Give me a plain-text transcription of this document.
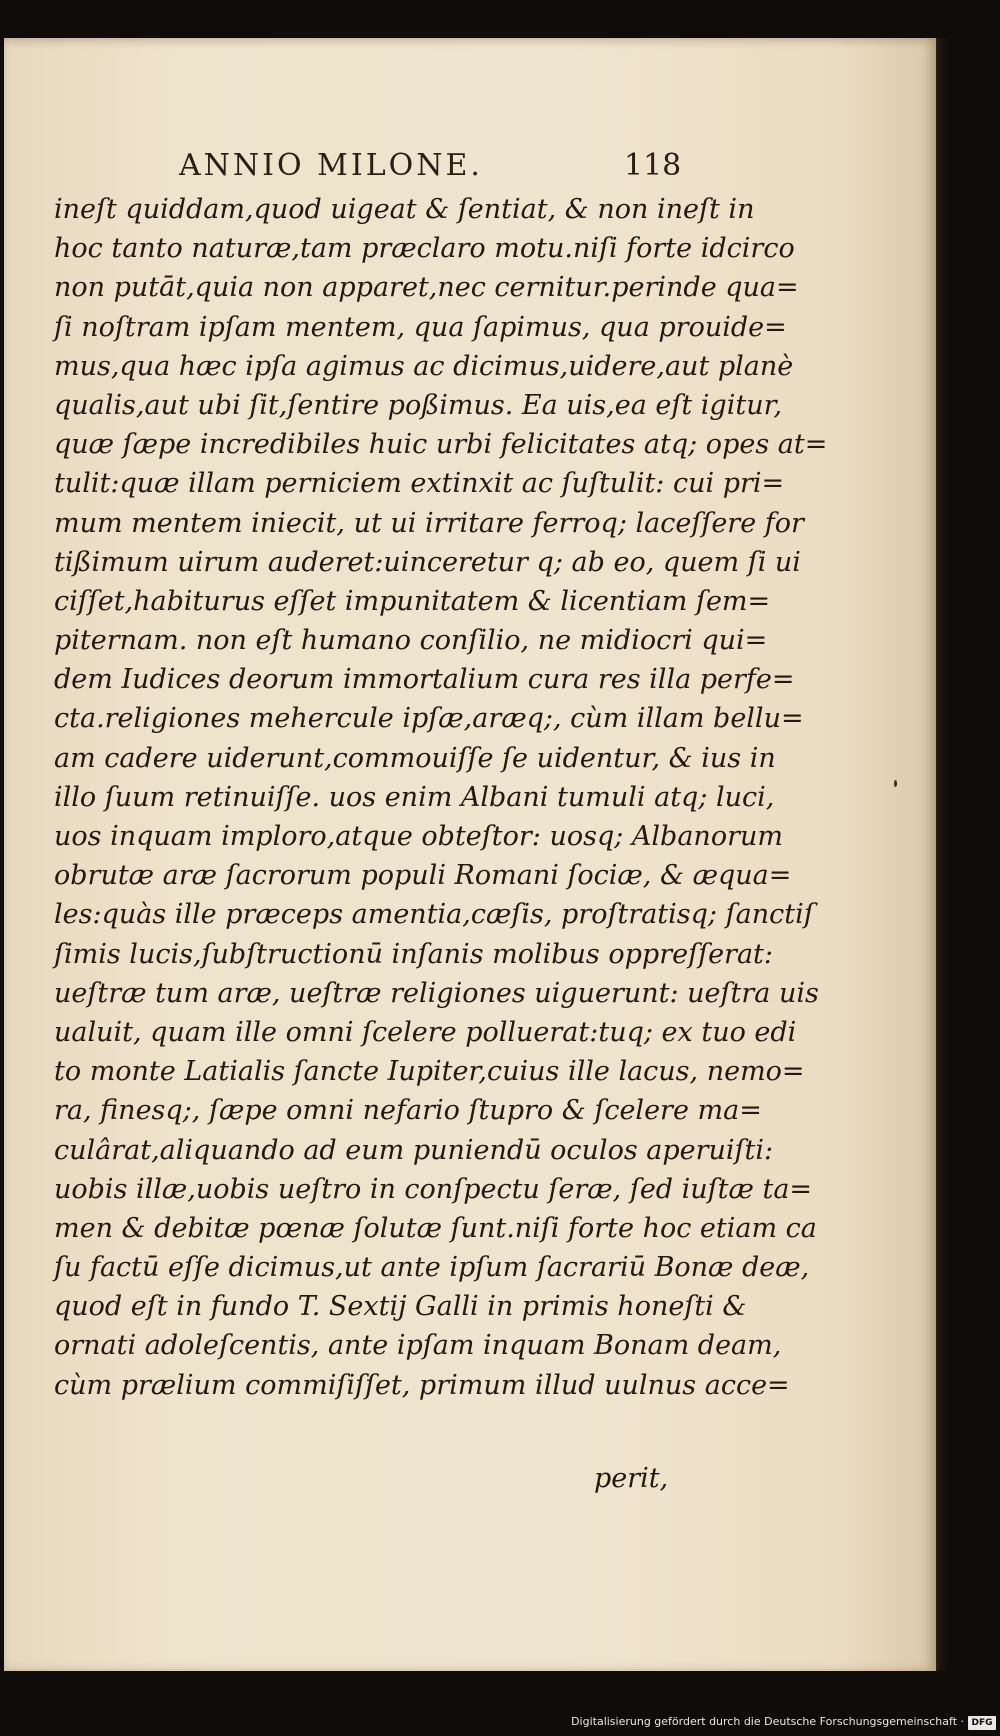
ANNIO MILONE.	118
ineſt quiddam,quod uigeat & ſentiat, & non ineſt in
hoc tanto naturæ,tam præclaro motu.niſi forte idcirco
non putāt,quia non apparet,nec cernitur.perinde qua=
ſi noſtram ipſam mentem, qua ſapimus, qua prouide=
mus,qua hæc ipſa agimus ac dicimus,uidere,aut planè
qualis,aut ubi ſit,ſentire poßimus. Ea uis,ea eſt igitur,
quæ ſæpe incredibiles huic urbi felicitates atq; opes at=
tulit:quæ illam perniciem extinxit ac ſuſtulit: cui pri=
mum mentem iniecit, ut ui irritare ferroq; laceſſere for
tißimum uirum auderet:uinceretur q; ab eo, quem ſi ui
ciſſet,habiturus eſſet impunitatem & licentiam ſem=
piternam. non eſt humano conſilio, ne midiocri qui=
dem Iudices deorum immortalium cura res illa perfe=
cta.religiones mehercule ipſæ,aræq;, cùm illam bellu=
am cadere uiderunt,commouiſſe ſe uidentur, & ius in
illo ſuum retinuiſſe. uos enim Albani tumuli atq; luci,
uos inquam imploro,atque obteſtor: uosq; Albanorum
obrutæ aræ ſacrorum populi Romani ſociæ, & æqua=
les:quàs ille præceps amentia,cæſis, proſtratisq; ſanctiſ
ſimis lucis,ſubſtructionū inſanis molibus oppreſſerat:
ueſtræ tum aræ, ueſtræ religiones uiguerunt: ueſtra uis
ualuit, quam ille omni ſcelere polluerat:tuq; ex tuo edi
to monte Latialis ſancte Iupiter,cuius ille lacus, nemo=
ra, finesq;, ſæpe omni nefario ſtupro & ſcelere ma=
culârat,aliquando ad eum puniendū oculos aperuiſti:
uobis illæ,uobis ueſtro in conſpectu ſeræ, ſed iuſtæ ta=
men & debitæ pœnæ ſolutæ ſunt.niſi forte hoc etiam ca
ſu factū eſſe dicimus,ut ante ipſum ſacrariū Bonæ deæ,
quod eſt in fundo T. Sextij Galli in primis honeſti &
ornati adoleſcentis, ante ipſam inquam Bonam deam,
cùm prælium commiſiſſet, primum illud uulnus acce=
perit,
Digitalisierung gefördert durch die Deutsche Forschungsgemeinschaft · DFG
